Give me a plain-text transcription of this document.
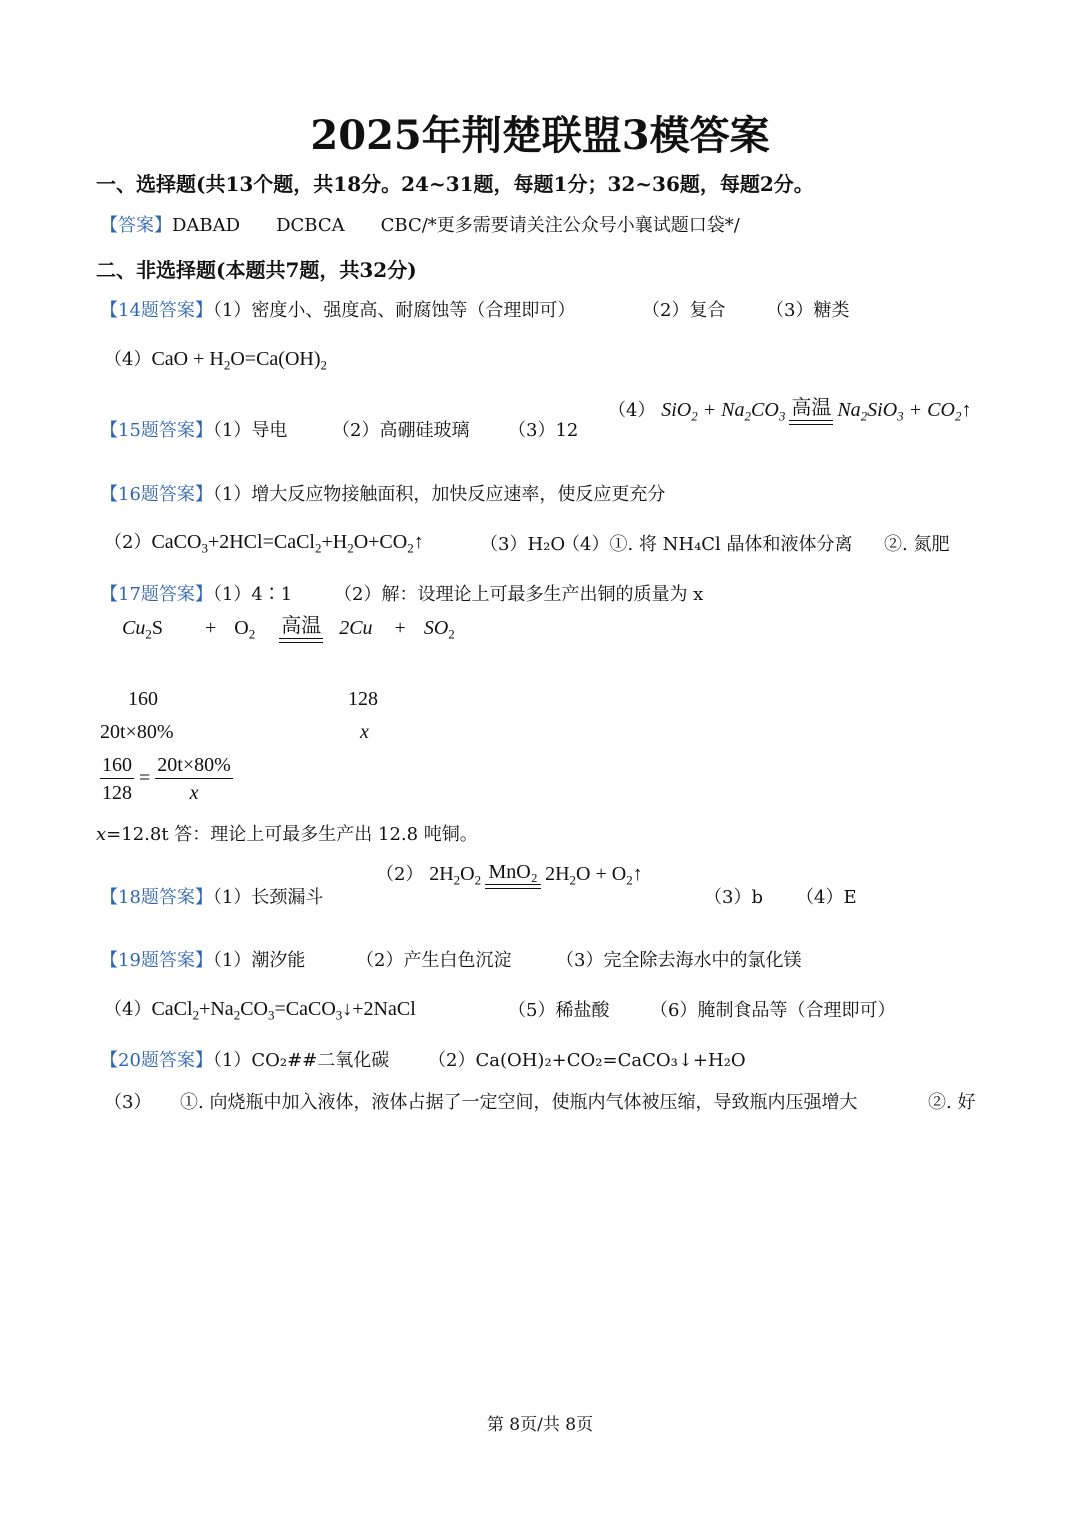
2025年荆楚联盟3模答案
一、选择题(共13个题，共18分。24~31题，每题1分；32~36题，每题2分。
【答案】DABAD　　DCBCA　　CBC/*更多需要请关注公众号小襄试题口袋*/
二、非选择题(本题共7题，共32分)
【14题答案】（1）密度小、强度高、耐腐蚀等（合理即可）	（2）复合 （3）糖类
$(4)CaO + H_2O=Ca(OH)_2$
【15题答案】（1）导电 （2）高硼硅玻璃 （3）12
（4） $SiO_2 + Na_2CO_3$ 高温 $Na_2SiO_3$ + $CO_2↑$
【16题答案】（1）增大反应物接触面积，加快反应速率，使反应更充分
$(2)CaCO_3+2HCl=CaCl_2+H_2O+CO_2↑$	（3）H₂O
（4）①. 将 NH₄Cl 晶体和液体分离 ②. 氮肥
【17题答案】（1）4∶1 （2）解：设理论上可最多生产出铜的质量为 x
$Cu_2S + O_2$ 高温 $2Cu + SO_2$
160	128
20t×80%	x
$\frac{160}{128} = \frac{20t\times 80\%}{x}$
x=12.8t 答：理论上可最多生产出 12.8 吨铜。
【18题答案】（1）长颈漏斗
（2） $2H_2O_2$ MnO₂ $2H_2O$ + $O_2↑$
（3）b （4）E
【19题答案】（1）潮汐能	（2）产生白色沉淀 （3）完全除去海水中的氯化镁
$(4)CaCl_2+Na_2CO_3=CaCO_3↓+2NaCl$	（5）稀盐酸 （6）腌制食品等（合理即可）
【20题答案】（1）CO₂##二氧化碳 （2）Ca(OH)₂+CO₂=CaCO₃↓+H₂O
（3） ①. 向烧瓶中加入液体，液体占据了一定空间，使瓶内气体被压缩，导致瓶内压强增大	②. 好
第 8页/共 8页
